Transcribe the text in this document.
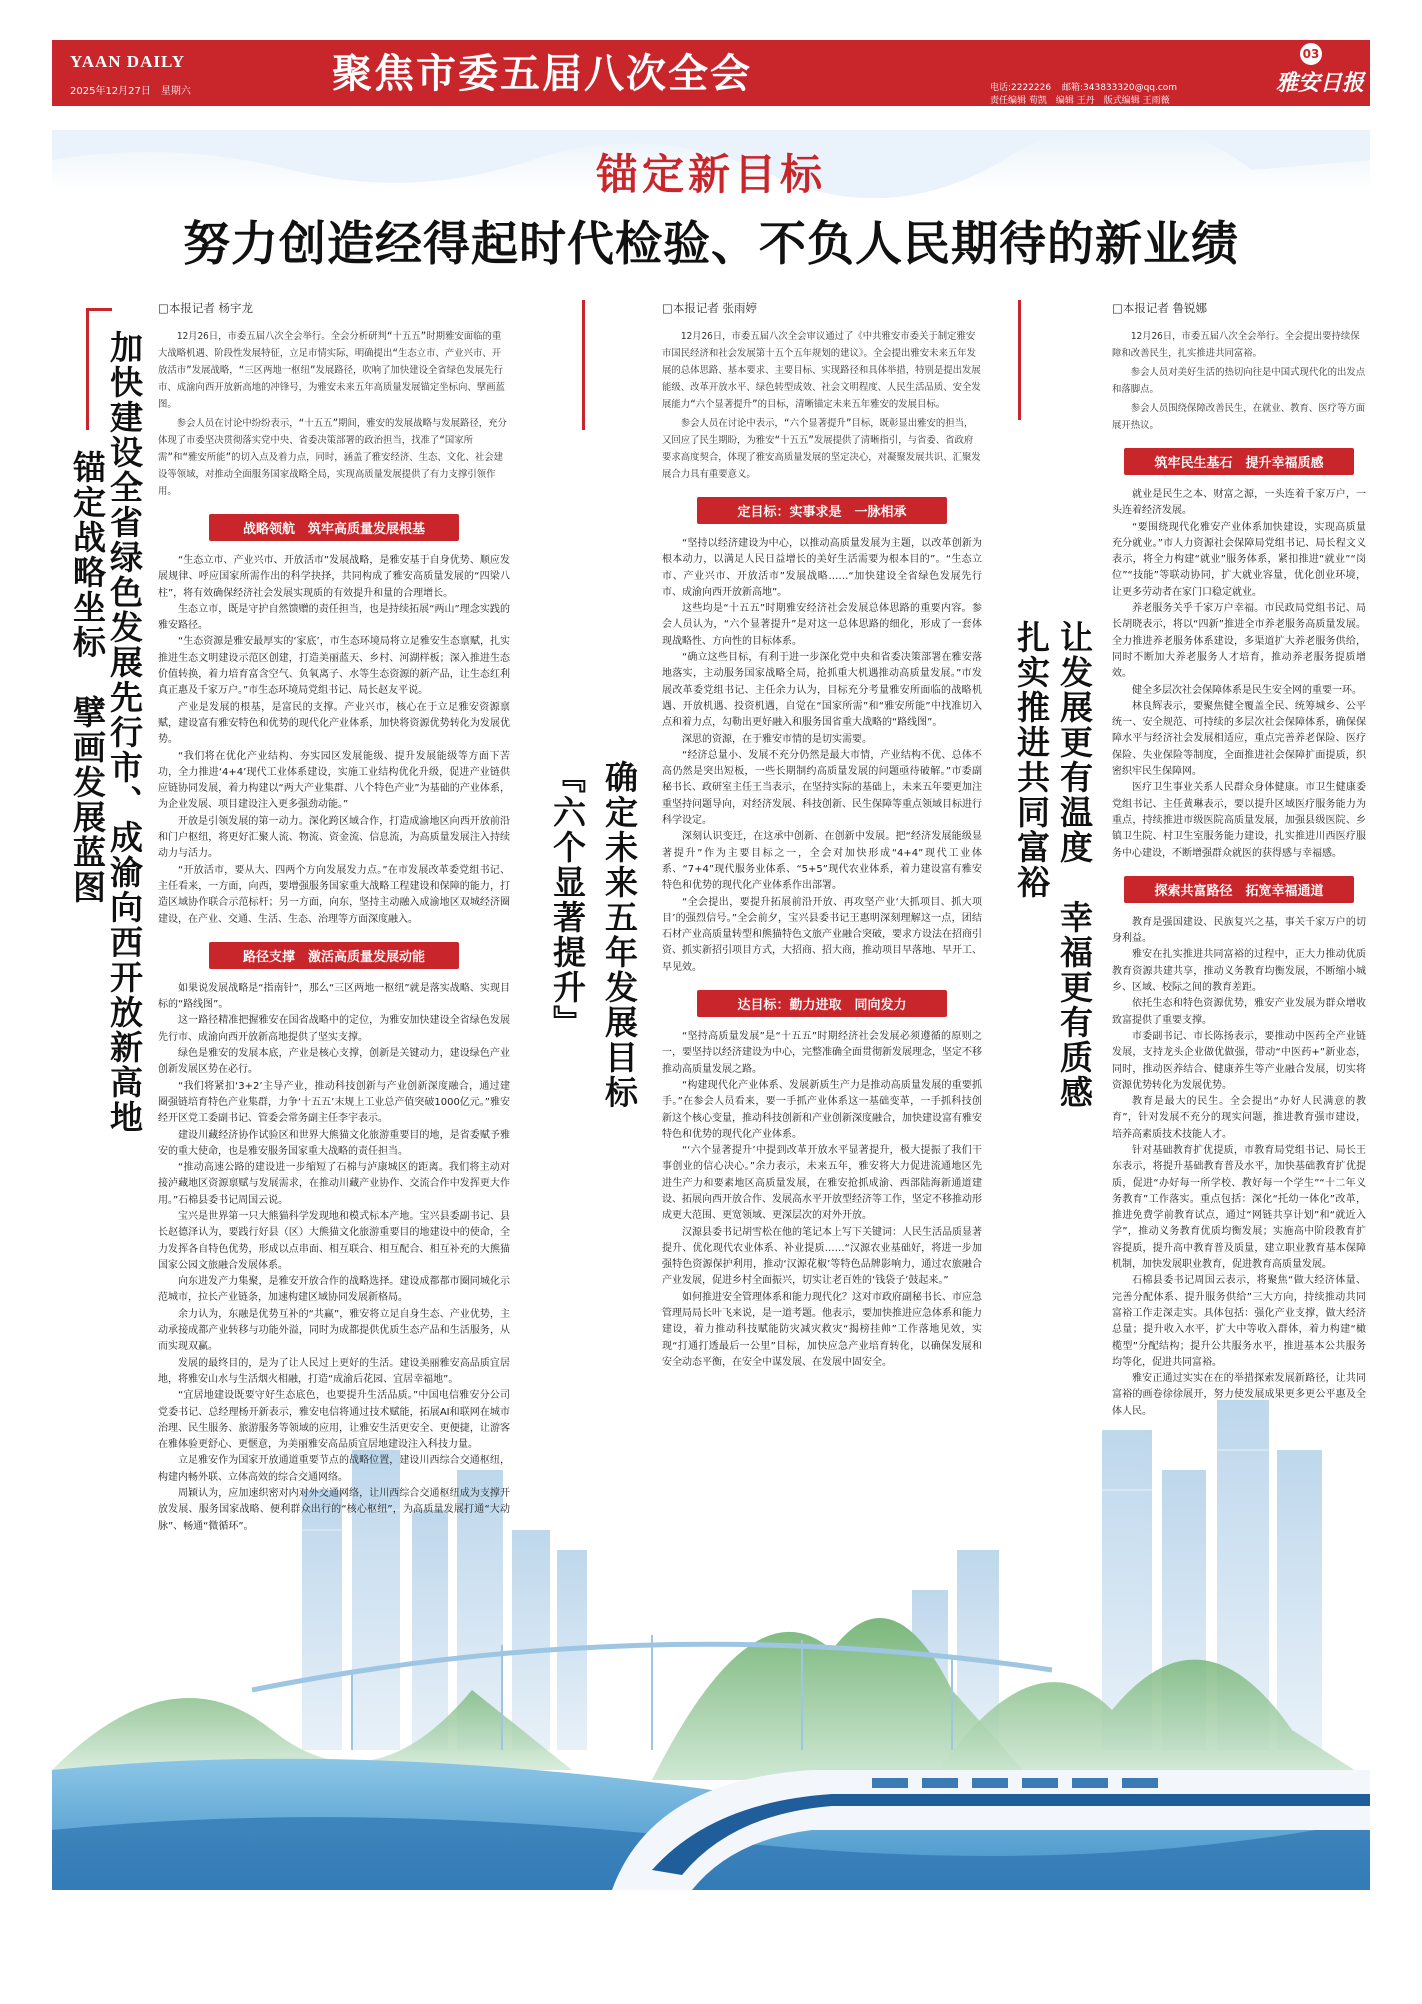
YAAN DAILY
2025年12月27日　星期六	聚焦市委五届八次全会	电话:2222226 邮箱:343833320@qq.com
责任编辑 荀凯　编辑 王丹　版式编辑 王雨薇
03
雅安日报
锚定新目标
努力创造经得起时代检验、不负人民期待的新业绩
锚定战略坐标　擘画发展蓝图
加快建设全省绿色发展先行市、成渝向西开放新高地
□本报记者 杨宇龙

12月26日，市委五届八次全会举行。全会分析研判“十五五”时期雅安面临的重大战略机遇、阶段性发展特征，立足市情实际，明确提出“生态立市、产业兴市、开放活市”发展战略，“三区两地一枢纽”发展路径，吹响了加快建设全省绿色发展先行市、成渝向西开放新高地的冲锋号，为雅安未来五年高质量发展锚定坐标向、擘画蓝图。

参会人员在讨论中纷纷表示，“十五五”期间，雅安的发展战略与发展路径，充分体现了市委坚决贯彻落实党中央、省委决策部署的政治担当，找准了“国家所需”和“雅安所能”的切入点及着力点，同时，涵盖了雅安经济、生态、文化、社会建设等领域，对推动全面服务国家战略全局，实现高质量发展提供了有力支撑引领作用。

战略领航　筑牢高质量发展根基

“生态立市、产业兴市、开放活市”发展战略，是雅安基于自身优势、顺应发展规律、呼应国家所需作出的科学抉择，共同构成了雅安高质量发展的“四梁八柱”，将有效确保经济社会发展实现质的有效提升和量的合理增长。

生态立市，既是守护自然馈赠的责任担当，也是持续拓展“两山”理念实践的雅安路径。

“生态资源是雅安最厚实的‘家底’，市生态环境局将立足雅安生态禀赋，扎实推进生态文明建设示范区创建，打造美丽蓝天、乡村、河湖样板；深入推进生态价值转换，着力培育富含空气、负氧离子、水等生态资源的新产品，让生态红利真正惠及千家万户。”市生态环境局党组书记、局长赵友平说。

产业是发展的根基，是富民的支撑。产业兴市，核心在于立足雅安资源禀赋，建设富有雅安特色和优势的现代化产业体系，加快将资源优势转化为发展优势。

“我们将在优化产业结构、夯实园区发展能级、提升发展能级等方面下苦功，全力推进‘4+4’现代工业体系建设，实施工业结构优化升级，促进产业链供应链协同发展，着力构建以“两大产业集群、八个特色产业”为基础的产业体系，为企业发展、项目建设注入更多强劲动能。”

开放是引领发展的第一动力。深化跨区域合作，打造成渝地区向西开放前沿和门户枢纽，将更好汇聚人流、物流、资金流、信息流，为高质量发展注入持续动力与活力。

“开放活市，要从大、四两个方向发展发力点。”在市发展改革委党组书记、主任看来，一方面，向西，要增强服务国家重大战略工程建设和保障的能力，打造区域协作联合示范标杆；另一方面，向东，坚持主动融入成渝地区双城经济圈建设，在产业、交通、生活、生态、治理等方面深度融入。

路径支撑　激活高质量发展动能

如果说发展战略是“指南针”，那么“三区两地一枢纽”就是落实战略、实现目标的“路线图”。

这一路径精准把握雅安在国省战略中的定位，为雅安加快建设全省绿色发展先行市、成渝向西开放新高地提供了坚实支撑。

绿色是雅安的发展本底，产业是核心支撑，创新是关键动力，建设绿色产业创新发展区势在必行。

“我们将紧扣‘3+2’主导产业，推动科技创新与产业创新深度融合，通过建圈强链培育特色产业集群，力争‘十五五’末规上工业总产值突破1000亿元。”雅安经开区党工委副书记、管委会常务副主任李宇表示。

建设川藏经济协作试验区和世界大熊猫文化旅游重要目的地，是省委赋予雅安的重大使命，也是雅安服务国家重大战略的责任担当。

“推动高速公路的建设进一步缩短了石棉与泸康城区的距离。我们将主动对接泸藏地区资源禀赋与发展需求，在推动川藏产业协作、交流合作中发挥更大作用。”石棉县委书记周国云说。

宝兴是世界第一只大熊猫科学发现地和模式标本产地。宝兴县委副书记、县长赵德泽认为，要践行好县（区）大熊猫文化旅游重要目的地建设中的使命，全力发挥各自特色优势，形成以点串面、相互联合、相互配合、相互补充的大熊猫国家公园文旅融合发展体系。

向东进发产力集聚，是雅安开放合作的战略选择。建设成都都市圈同城化示范城市，拉长产业链条，加速构建区域协同发展新格局。

余力认为，东融是优势互补的“共赢”，雅安将立足自身生态、产业优势，主动承接成都产业转移与功能外溢，同时为成都提供优质生态产品和生活服务，从而实现双赢。

发展的最终目的，是为了让人民过上更好的生活。建设美丽雅安高品质宜居地，将雅安山水与生活烟火相融，打造“成渝后花园、宜居幸福地”。

“宜居地建设既要守好生态底色，也要提升生活品质。”中国电信雅安分公司党委书记、总经理杨开新表示，雅安电信将通过技术赋能，拓展AI和联网在城市治理、民生服务、旅游服务等领域的应用，让雅安生活更安全、更便捷，让游客在雅体验更舒心、更惬意，为美丽雅安高品质宜居地建设注入科技力量。

立足雅安作为国家开放通道重要节点的战略位置，建设川西综合交通枢纽，构建内畅外联、立体高效的综合交通网络。

周颖认为，应加速织密对内对外交通网络，让川西综合交通枢纽成为支撑开放发展、服务国家战略、便利群众出行的“核心枢纽”，为高质量发展打通“大动脉”、畅通“微循环”。

『六个显著提升』 确定未来五年发展目标
□本报记者 张雨婷

12月26日，市委五届八次全会审议通过了《中共雅安市委关于制定雅安市国民经济和社会发展第十五个五年规划的建议》。全会提出雅安未来五年发展的总体思路、基本要求、主要目标、实现路径和具体举措，特别是提出发展能级、改革开放水平、绿色转型成效、社会文明程度、人民生活品质、安全发展能力“六个显著提升”的目标，清晰锚定未来五年雅安的发展目标。

参会人员在讨论中表示，“六个显著提升”目标，既彰显出雅安的担当，又回应了民生期盼，为雅安“十五五”发展提供了清晰指引，与省委、省政府要求高度契合，体现了雅安高质量发展的坚定决心，对凝聚发展共识、汇聚发展合力具有重要意义。

定目标：实事求是　一脉相承

“坚持以经济建设为中心，以推动高质量发展为主题，以改革创新为根本动力，以满足人民日益增长的美好生活需要为根本目的”。“生态立市、产业兴市、开放活市”发展战略……“加快建设全省绿色发展先行市、成渝向西开放新高地”。

这些均是“十五五”时期雅安经济社会发展总体思路的重要内容。参会人员认为，“六个显著提升”是对这一总体思路的细化，形成了一套体现战略性、方向性的目标体系。

“确立这些目标，有利于进一步深化党中央和省委决策部署在雅安落地落实，主动服务国家战略全局，抢抓重大机遇推动高质量发展。”市发展改革委党组书记、主任余力认为，目标充分考量雅安所面临的战略机遇、开放机遇、投资机遇，自觉在“国家所需”和“雅安所能”中找准切入点和着力点，勾勒出更好融入和服务国省重大战略的“路线图”。

深思的资源，在于雅安市情的是切实需要。

“经济总量小、发展不充分仍然是最大市情，产业结构不优、总体不高仍然是突出短板，一些长期制约高质量发展的问题亟待破解。”市委副秘书长、政研室主任王当表示，在坚持实际的基础上，未来五年要更加注重坚持问题导向，对经济发展、科技创新、民生保障等重点领域目标进行科学设定。

深刻认识变迁，在这承中创新、在创新中发展。把“经济发展能级显著提升”作为主要目标之一，全会对加快形成“4+4”现代工业体系、“7+4”现代服务业体系、“5+5”现代农业体系，着力建设富有雅安特色和优势的现代化产业体系作出部署。

“全会提出，要提升拓展前沿开放、再攻坚产业‘大抓项目、抓大项目’的强烈信号。”全会前夕，宝兴县委书记王惠明深刻理解这一点，团结石材产业高质量转型和熊猫特色文旅产业融合突破，要求方设法在招商引资、抓实新招引项目方式，大招商、招大商，推动项目早落地、早开工、早见效。

达目标：勤力进取　同向发力

“坚持高质量发展”是“十五五”时期经济社会发展必须遵循的原则之一，要坚持以经济建设为中心，完整准确全面贯彻新发展理念，坚定不移推动高质量发展之路。

“构建现代化产业体系、发展新质生产力是推动高质量发展的重要抓手。”在参会人员看来，要一手抓产业体系这一基础变革，一手抓科技创新这个核心变量，推动科技创新和产业创新深度融合，加快建设富有雅安特色和优势的现代化产业体系。

“‘六个显著提升’中提到改革开放水平显著提升，极大提振了我们干事创业的信心决心。”余力表示，未来五年，雅安将大力促进流通地区先进生产力和要素地区高质量发展，在雅安抢抓成渝、西部陆海新通道建设、拓展向西开放合作、发展高水平开放型经济等工作，坚定不移推动形成更大范围、更宽领域、更深层次的对外开放。

汉源县委书记胡雪松在他的笔记本上写下关键词：人民生活品质显著提升、优化现代农业体系、补业提质……“汉源农业基础好，将进一步加强特色资源保护利用，推动‘汉源花椒’等特色品牌影响力，通过农旅融合产业发展，促进乡村全面振兴，切实让老百姓的‘钱袋子’鼓起来。”

如何推进安全管理体系和能力现代化？这对市政府副秘书长、市应急管理局局长叶飞来说，是一道考题。他表示，要加快推进应急体系和能力建设，着力推动科技赋能防灾减灾救灾“揭榜挂帅”工作落地见效，实现“打通打透最后一公里”目标，加快应急产业培育转化，以确保发展和安全动态平衡，在安全中谋发展、在发展中固安全。

扎实推进共同富裕 让发展更有温度　幸福更有质感
□本报记者 鲁锐娜

12月26日，市委五届八次全会举行。全会提出要持续保障和改善民生，扎实推进共同富裕。

参会人员对美好生活的热切向往是中国式现代化的出发点和落脚点。

参会人员围绕保障改善民生，在就业、教育、医疗等方面展开热议。

筑牢民生基石　提升幸福质感

就业是民生之本、财富之源，一头连着千家万户，一头连着经济发展。

“要围绕现代化雅安产业体系加快建设，实现高质量充分就业。”市人力资源社会保障局党组书记、局长程文义表示，将全力构建“就业”服务体系，紧扣推进“就业”“岗位”“技能”等联动协同，扩大就业容量，优化创业环境，让更多劳动者在家门口稳定就业。

养老服务关乎千家万户幸福。市民政局党组书记、局长胡晓表示，将以“四新”推进全市养老服务高质量发展。全力推进养老服务体系建设，多渠道扩大养老服务供给，同时不断加大养老服务人才培育，推动养老服务提质增效。

健全多层次社会保障体系是民生安全网的重要一环。

林良辉表示，要聚焦健全覆盖全民、统筹城乡、公平统一、安全规范、可持续的多层次社会保障体系，确保保障水平与经济社会发展相适应，重点完善养老保险、医疗保险、失业保险等制度，全面推进社会保障扩面提质，织密织牢民生保障网。

医疗卫生事业关系人民群众身体健康。市卫生健康委党组书记、主任黄琳表示，要以提升区域医疗服务能力为重点，持续推进市级医院高质量发展，加强县级医院、乡镇卫生院、村卫生室服务能力建设，扎实推进川西医疗服务中心建设，不断增强群众就医的获得感与幸福感。

探索共富路径　拓宽幸福通道

教育是强国建设、民族复兴之基，事关千家万户的切身利益。

雅安在扎实推进共同富裕的过程中，正大力推动优质教育资源共建共享，推动义务教育均衡发展，不断缩小城乡、区域、校际之间的教育差距。

依托生态和特色资源优势，雅安产业发展为群众增收致富提供了重要支撑。

市委副书记、市长陈扬表示，要推动中医药全产业链发展，支持龙头企业做优做强，带动“中医药+”新业态，同时，推动医养结合、健康养生等产业融合发展，切实将资源优势转化为发展优势。

教育是最大的民生。全会提出“办好人民满意的教育”，针对发展不充分的现实问题，推进教育强市建设，培养高素质技术技能人才。

针对基础教育扩优提质，市教育局党组书记、局长王东表示，将提升基础教育普及水平，加快基础教育扩优提质，促进“办好每一所学校、教好每一个学生”“十二年义务教育”工作落实。重点包括：深化“托幼一体化”改革，推进免费学前教育试点，通过“网链共享计划”和“就近入学”，推动义务教育优质均衡发展；实施高中阶段教育扩容提质，提升高中教育普及质量，建立职业教育基本保障机制，加快发展职业教育，促进教育高质量发展。

石棉县委书记周国云表示，将聚焦“做大经济体量、完善分配体系、提升服务供给”三大方向，持续推动共同富裕工作走深走实。具体包括：强化产业支撑，做大经济总量；提升收入水平，扩大中等收入群体，着力构建“橄榄型”分配结构；提升公共服务水平，推进基本公共服务均等化，促进共同富裕。

雅安正通过实实在在的举措探索发展新路径，让共同富裕的画卷徐徐展开，努力使发展成果更多更公平惠及全体人民。
